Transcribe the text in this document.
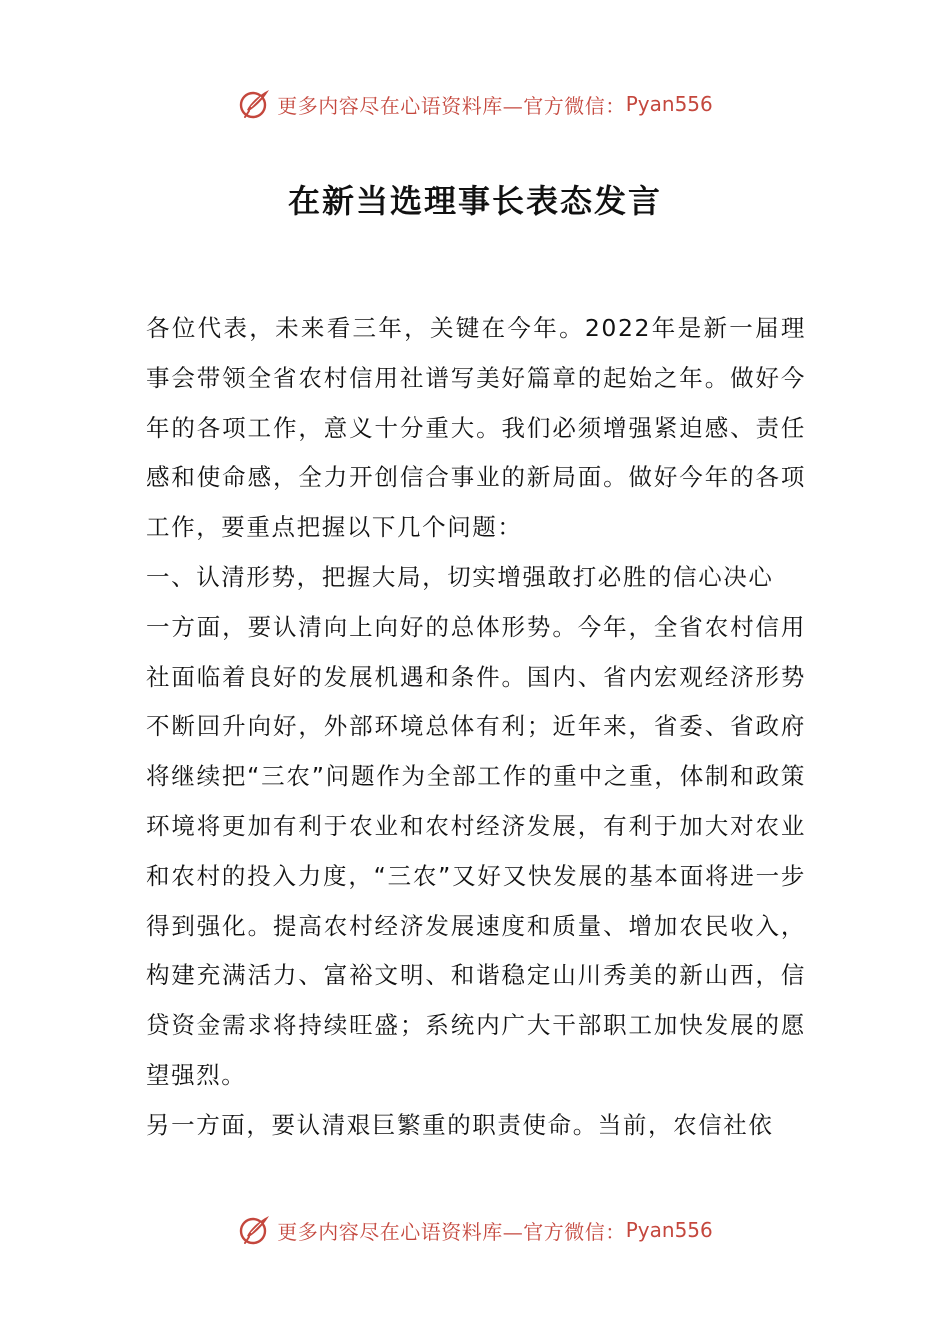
更多内容尽在心语资料库—官方微信： Pyan556
在新当选理事长表态发言

各位代表，未来看三年，关键在今年。2022年是新一届理事会带领全省农村信用社谱写美好篇章的起始之年。做好今年的各项工作，意义十分重大。我们必须增强紧迫感、责任感和使命感，全力开创信合事业的新局面。做好今年的各项工作，要重点把握以下几个问题：

一、认清形势，把握大局，切实增强敢打必胜的信心决心

一方面，要认清向上向好的总体形势。今年，全省农村信用社面临着良好的发展机遇和条件。国内、省内宏观经济形势不断回升向好，外部环境总体有利；近年来，省委、省政府将继续把“三农”问题作为全部工作的重中之重，体制和政策环境将更加有利于农业和农村经济发展，有利于加大对农业和农村的投入力度，“三农”又好又快发展的基本面将进一步得到强化。提高农村经济发展速度和质量、增加农民收入，构建充满活力、富裕文明、和谐稳定山川秀美的新山西，信贷资金需求将持续旺盛；系统内广大干部职工加快发展的愿望强烈。

另一方面，要认清艰巨繁重的职责使命。当前，农信社依

更多内容尽在心语资料库—官方微信： Pyan556
